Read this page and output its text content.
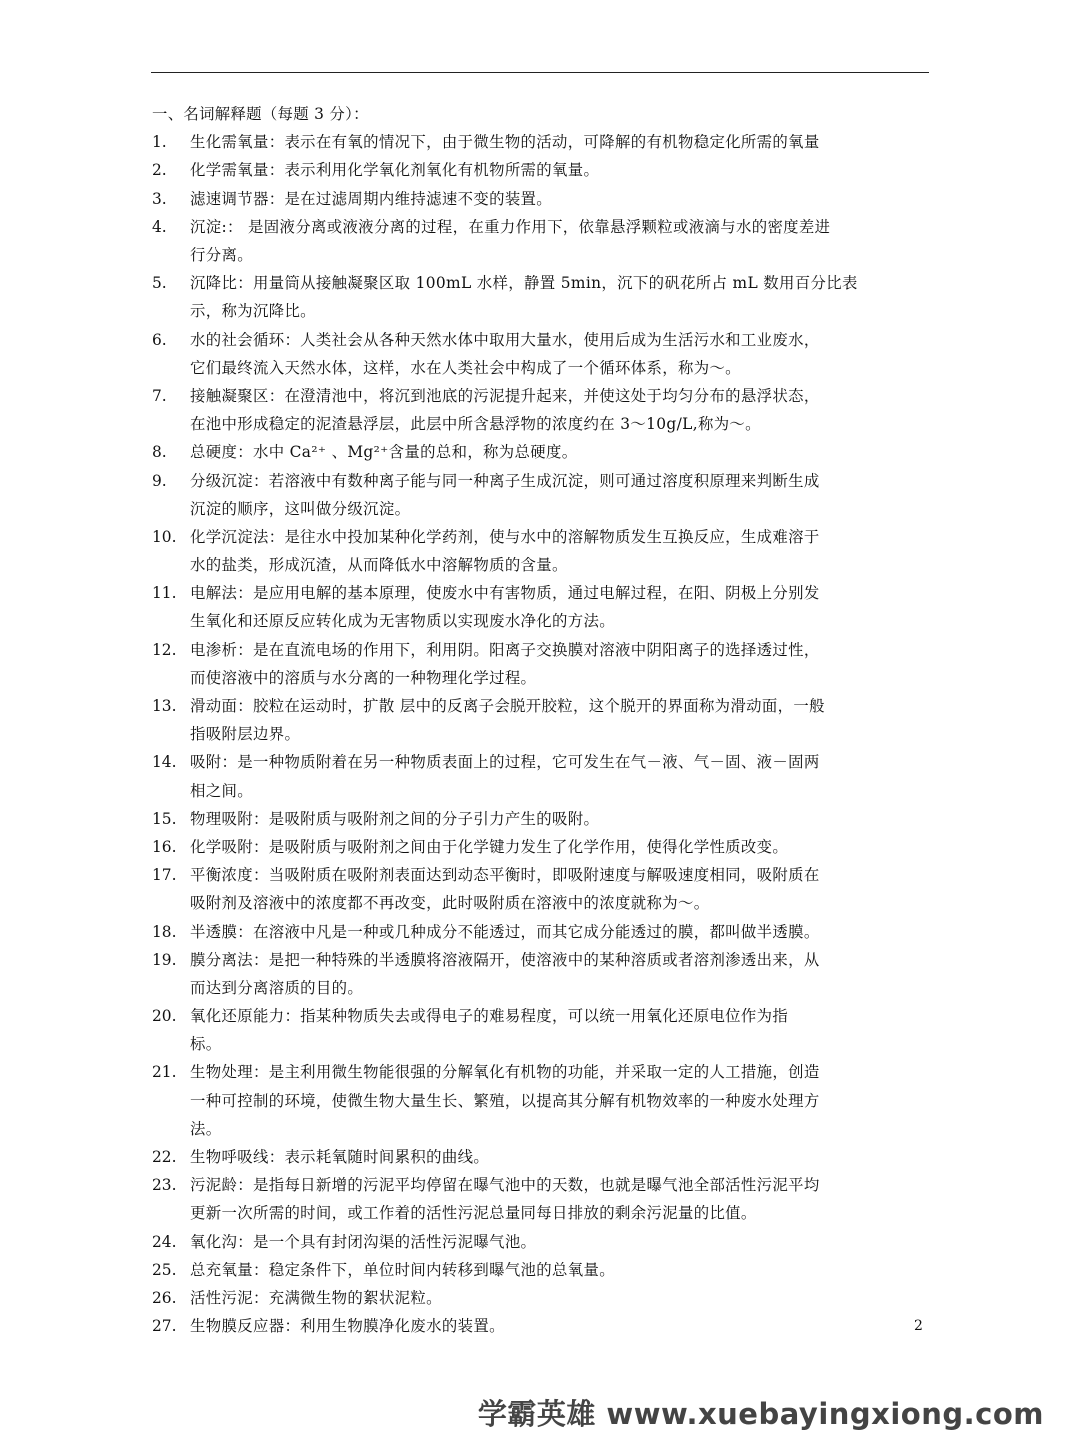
一、名词解释题（每题 3 分）：

1.	生化需氧量：表示在有氧的情况下，由于微生物的活动，可降解的有机物稳定化所需的氧量
2.	化学需氧量：表示利用化学氧化剂氧化有机物所需的氧量。
3.	滤速调节器：是在过滤周期内维持滤速不变的装置。
4.	沉淀:： 是固液分离或液液分离的过程，在重力作用下，依靠悬浮颗粒或液滴与水的密度差进
行分离。
5.	沉降比：用量筒从接触凝聚区取 100mL 水样，静置 5min，沉下的矾花所占 mL 数用百分比表
示，称为沉降比。
6.	水的社会循环：人类社会从各种天然水体中取用大量水，使用后成为生活污水和工业废水，
它们最终流入天然水体，这样，水在人类社会中构成了一个循环体系，称为～。
7.	接触凝聚区：在澄清池中，将沉到池底的污泥提升起来，并使这处于均匀分布的悬浮状态，
在池中形成稳定的泥渣悬浮层，此层中所含悬浮物的浓度约在 3～10g/L,称为～。
8.	总硬度：水中 Ca²⁺ 、Mg²⁺含量的总和，称为总硬度。
9.	分级沉淀：若溶液中有数种离子能与同一种离子生成沉淀，则可通过溶度积原理来判断生成
沉淀的顺序，这叫做分级沉淀。
10. 化学沉淀法：是往水中投加某种化学药剂，使与水中的溶解物质发生互换反应，生成难溶于
水的盐类，形成沉渣，从而降低水中溶解物质的含量。
11. 电解法：是应用电解的基本原理，使废水中有害物质，通过电解过程，在阳、阴极上分别发
生氧化和还原反应转化成为无害物质以实现废水净化的方法。
12. 电渗析：是在直流电场的作用下，利用阴。阳离子交换膜对溶液中阴阳离子的选择透过性，
而使溶液中的溶质与水分离的一种物理化学过程。
13. 滑动面：胶粒在运动时，扩散 层中的反离子会脱开胶粒，这个脱开的界面称为滑动面，一般
指吸附层边界。
14. 吸附：是一种物质附着在另一种物质表面上的过程，它可发生在气－液、气－固、液－固两
相之间。
15. 物理吸附：是吸附质与吸附剂之间的分子引力产生的吸附。
16. 化学吸附：是吸附质与吸附剂之间由于化学键力发生了化学作用，使得化学性质改变。
17. 平衡浓度：当吸附质在吸附剂表面达到动态平衡时，即吸附速度与解吸速度相同，吸附质在
吸附剂及溶液中的浓度都不再改变，此时吸附质在溶液中的浓度就称为～。
18. 半透膜：在溶液中凡是一种或几种成分不能透过，而其它成分能透过的膜，都叫做半透膜。
19. 膜分离法：是把一种特殊的半透膜将溶液隔开，使溶液中的某种溶质或者溶剂渗透出来，从
而达到分离溶质的目的。
20. 氧化还原能力：指某种物质失去或得电子的难易程度，可以统一用氧化还原电位作为指
标。
21. 生物处理：是主利用微生物能很强的分解氧化有机物的功能，并采取一定的人工措施，创造
一种可控制的环境，使微生物大量生长、繁殖，以提高其分解有机物效率的一种废水处理方
法。
22. 生物呼吸线：表示耗氧随时间累积的曲线。
23. 污泥龄：是指每日新增的污泥平均停留在曝气池中的天数，也就是曝气池全部活性污泥平均
更新一次所需的时间，或工作着的活性污泥总量同每日排放的剩余污泥量的比值。
24. 氧化沟：是一个具有封闭沟渠的活性污泥曝气池。
25. 总充氧量：稳定条件下，单位时间内转移到曝气池的总氧量。
26. 活性污泥：充满微生物的絮状泥粒。
27. 生物膜反应器：利用生物膜净化废水的装置。	2
学霸英雄 www.xuebayingxiong.com
